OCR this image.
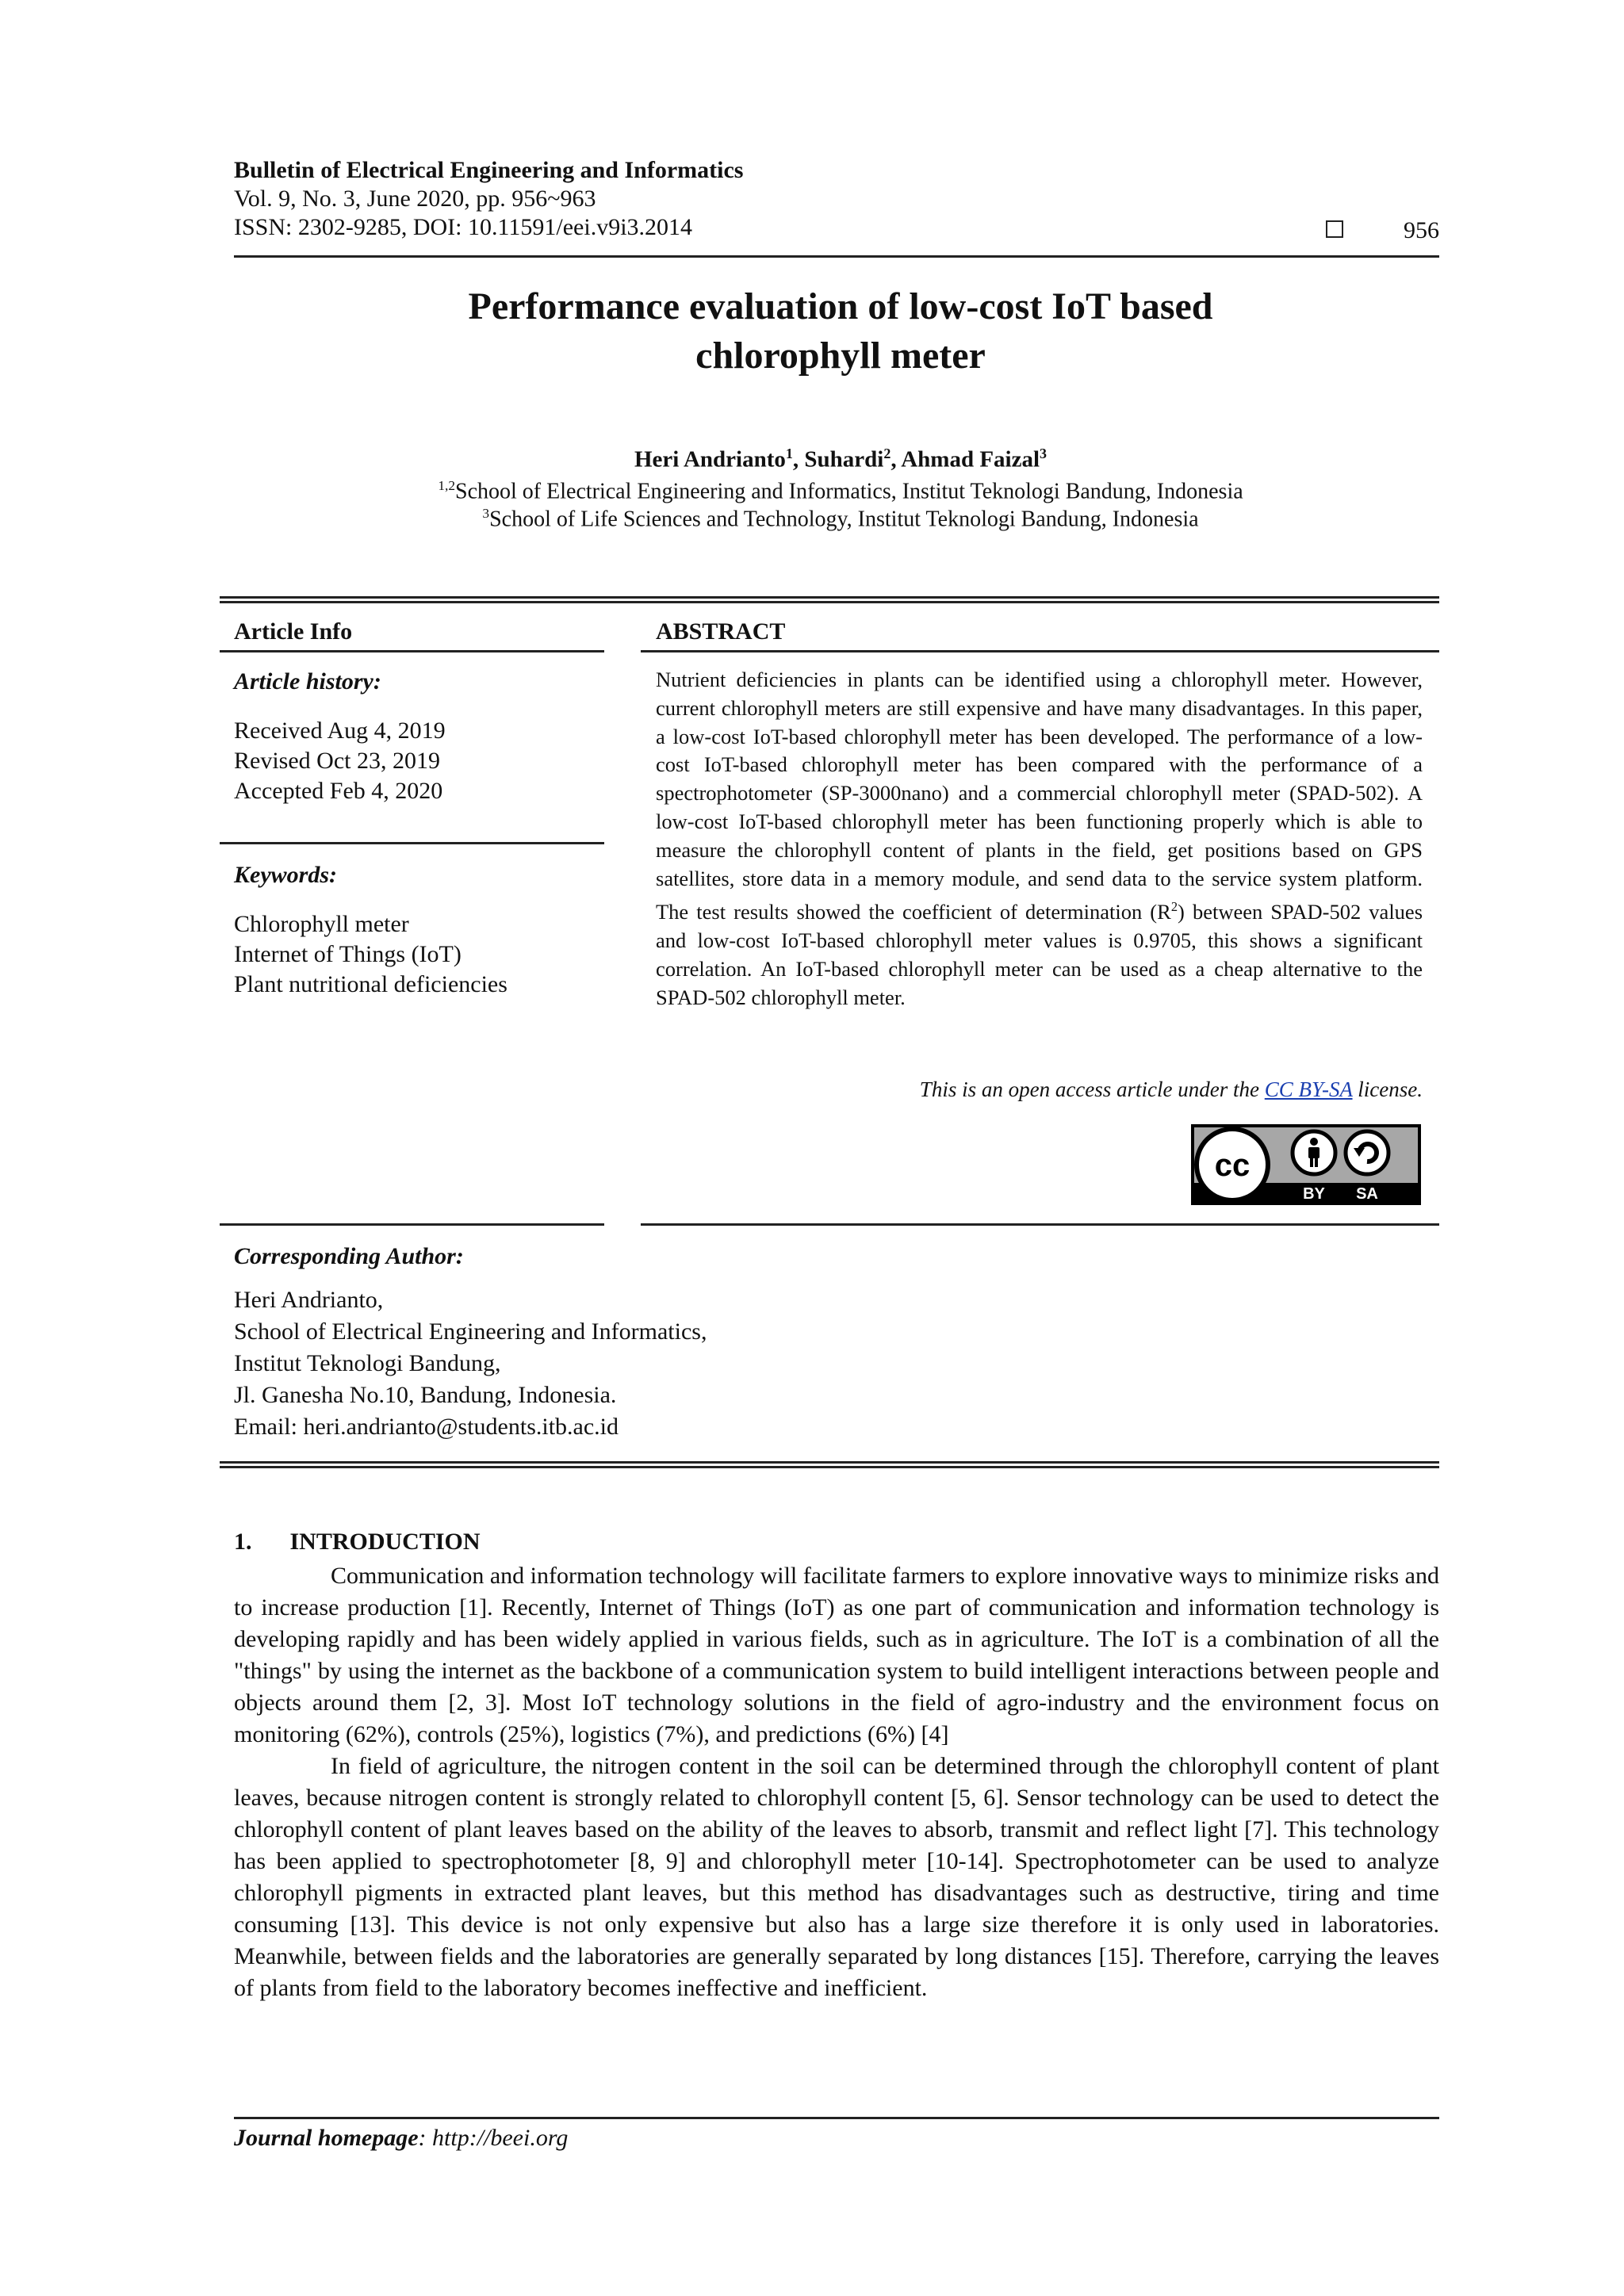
Bulletin of Electrical Engineering and Informatics
Vol. 9, No. 3, June 2020, pp. 956~963
ISSN: 2302-9285, DOI: 10.11591/eei.v9i3.2014	956
Performance evaluation of low-cost IoT based
chlorophyll meter
Heri Andrianto$^1$, Suhardi$^2$, Ahmad Faizal$^3$
$^{1,2}$School of Electrical Engineering and Informatics, Institut Teknologi Bandung, Indonesia
$^3$School of Life Sciences and Technology, Institut Teknologi Bandung, Indonesia
Article Info
Article history:
Received Aug 4, 2019
Revised Oct 23, 2019
Accepted Feb 4, 2020
Keywords:
Chlorophyll meter
Internet of Things (IoT)
Plant nutritional deficiencies
ABSTRACT
Nutrient deficiencies in plants can be identified using a chlorophyll meter. However, current chlorophyll meters are still expensive and have many disadvantages. In this paper, a low-cost IoT-based chlorophyll meter has been developed. The performance of a low-cost IoT-based chlorophyll meter has been compared with the performance of a spectrophotometer (SP-3000nano) and a commercial chlorophyll meter (SPAD-502). A low-cost IoT-based chlorophyll meter has been functioning properly which is able to measure the chlorophyll content of plants in the field, get positions based on GPS satellites, store data in a memory module, and send data to the service system platform. The test results showed the coefficient of determination $(R^2)$ between SPAD-502 values and low-cost IoT-based chlorophyll meter values is 0.9705, this shows a significant correlation. An IoT-based chlorophyll meter can be used as a cheap alternative to the SPAD-502 chlorophyll meter.
This is an open access article under the CC BY-SA license.
cc
BY SA
Corresponding Author:
Heri Andrianto,
School of Electrical Engineering and Informatics,
Institut Teknologi Bandung,
Jl. Ganesha No.10, Bandung, Indonesia.
Email: heri.andrianto@students.itb.ac.id
1. INTRODUCTION

Communication and information technology will facilitate farmers to explore innovative ways to minimize risks and to increase production [1]. Recently, Internet of Things (IoT) as one part of communication and information technology is developing rapidly and has been widely applied in various fields, such as in agriculture. The IoT is a combination of all the "things" by using the internet as the backbone of a communication system to build intelligent interactions between people and objects around them [2, 3]. Most IoT technology solutions in the field of agro-industry and the environment focus on monitoring (62%), controls (25%), logistics (7%), and predictions (6%) [4]

In field of agriculture, the nitrogen content in the soil can be determined through the chlorophyll content of plant leaves, because nitrogen content is strongly related to chlorophyll content [5, 6]. Sensor technology can be used to detect the chlorophyll content of plant leaves based on the ability of the leaves to absorb, transmit and reflect light [7]. This technology has been applied to spectrophotometer [8, 9] and chlorophyll meter [10-14]. Spectrophotometer can be used to analyze chlorophyll pigments in extracted plant leaves, but this method has disadvantages such as destructive, tiring and time consuming [13]. This device is not only expensive but also has a large size therefore it is only used in laboratories. Meanwhile, between fields and the laboratories are generally separated by long distances [15]. Therefore, carrying the leaves of plants from field to the laboratory becomes ineffective and inefficient.

Journal homepage: http://beei.org
